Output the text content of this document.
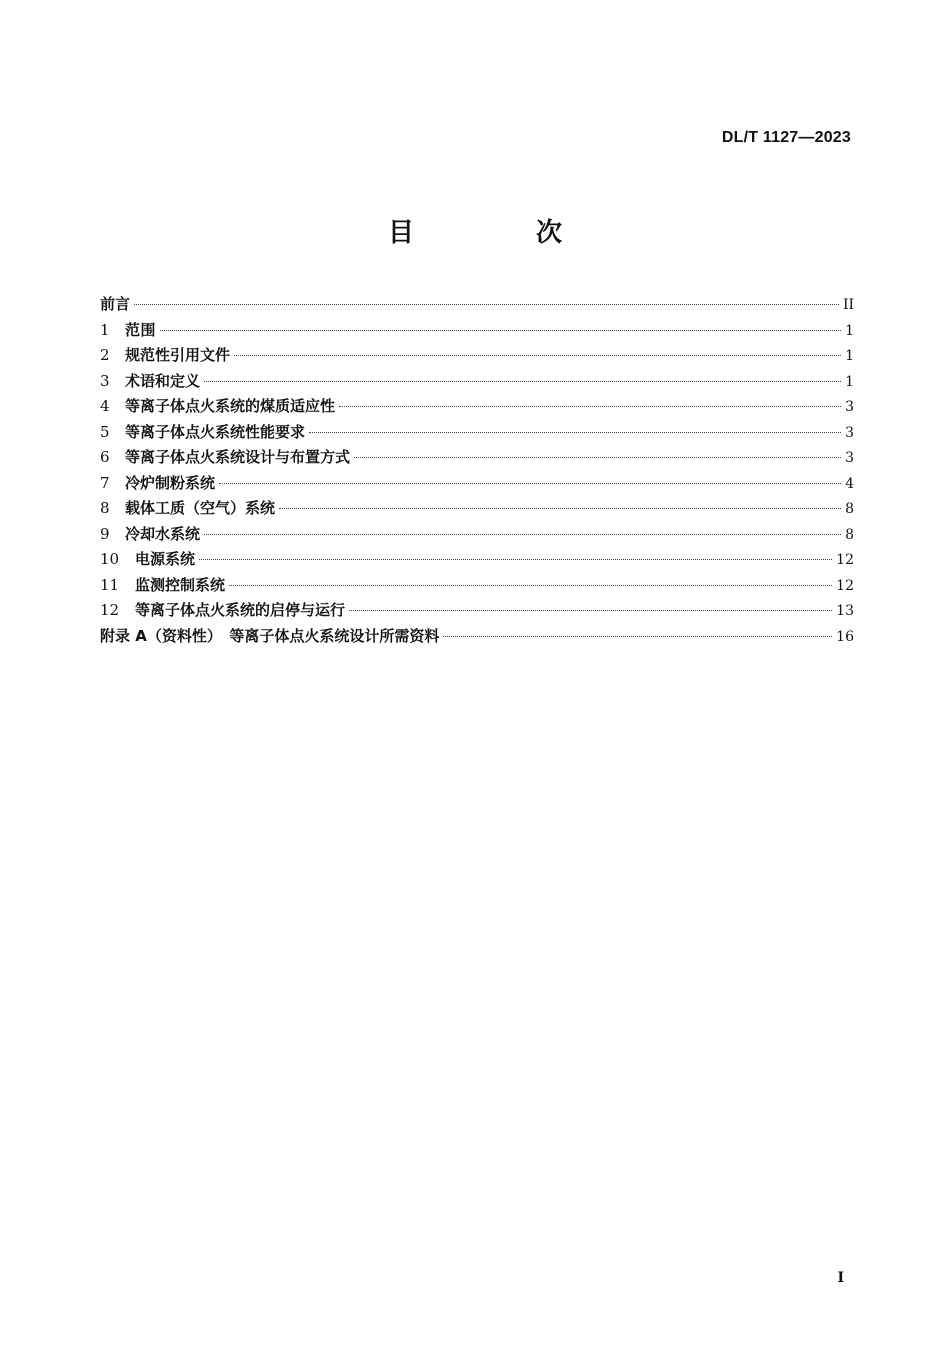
DL/T 1127—2023
目　次
前言	II
1	范围	1
2	规范性引用文件	1
3	术语和定义	1
4	等离子体点火系统的煤质适应性	3
5	等离子体点火系统性能要求	3
6	等离子体点火系统设计与布置方式	3
7	冷炉制粉系统	4
8	载体工质（空气）系统	8
9	冷却水系统	8
10	电源系统	12
11	监测控制系统	12
12	等离子体点火系统的启停与运行	13
附录 A（资料性）　等离子体点火系统设计所需资料	16
I
